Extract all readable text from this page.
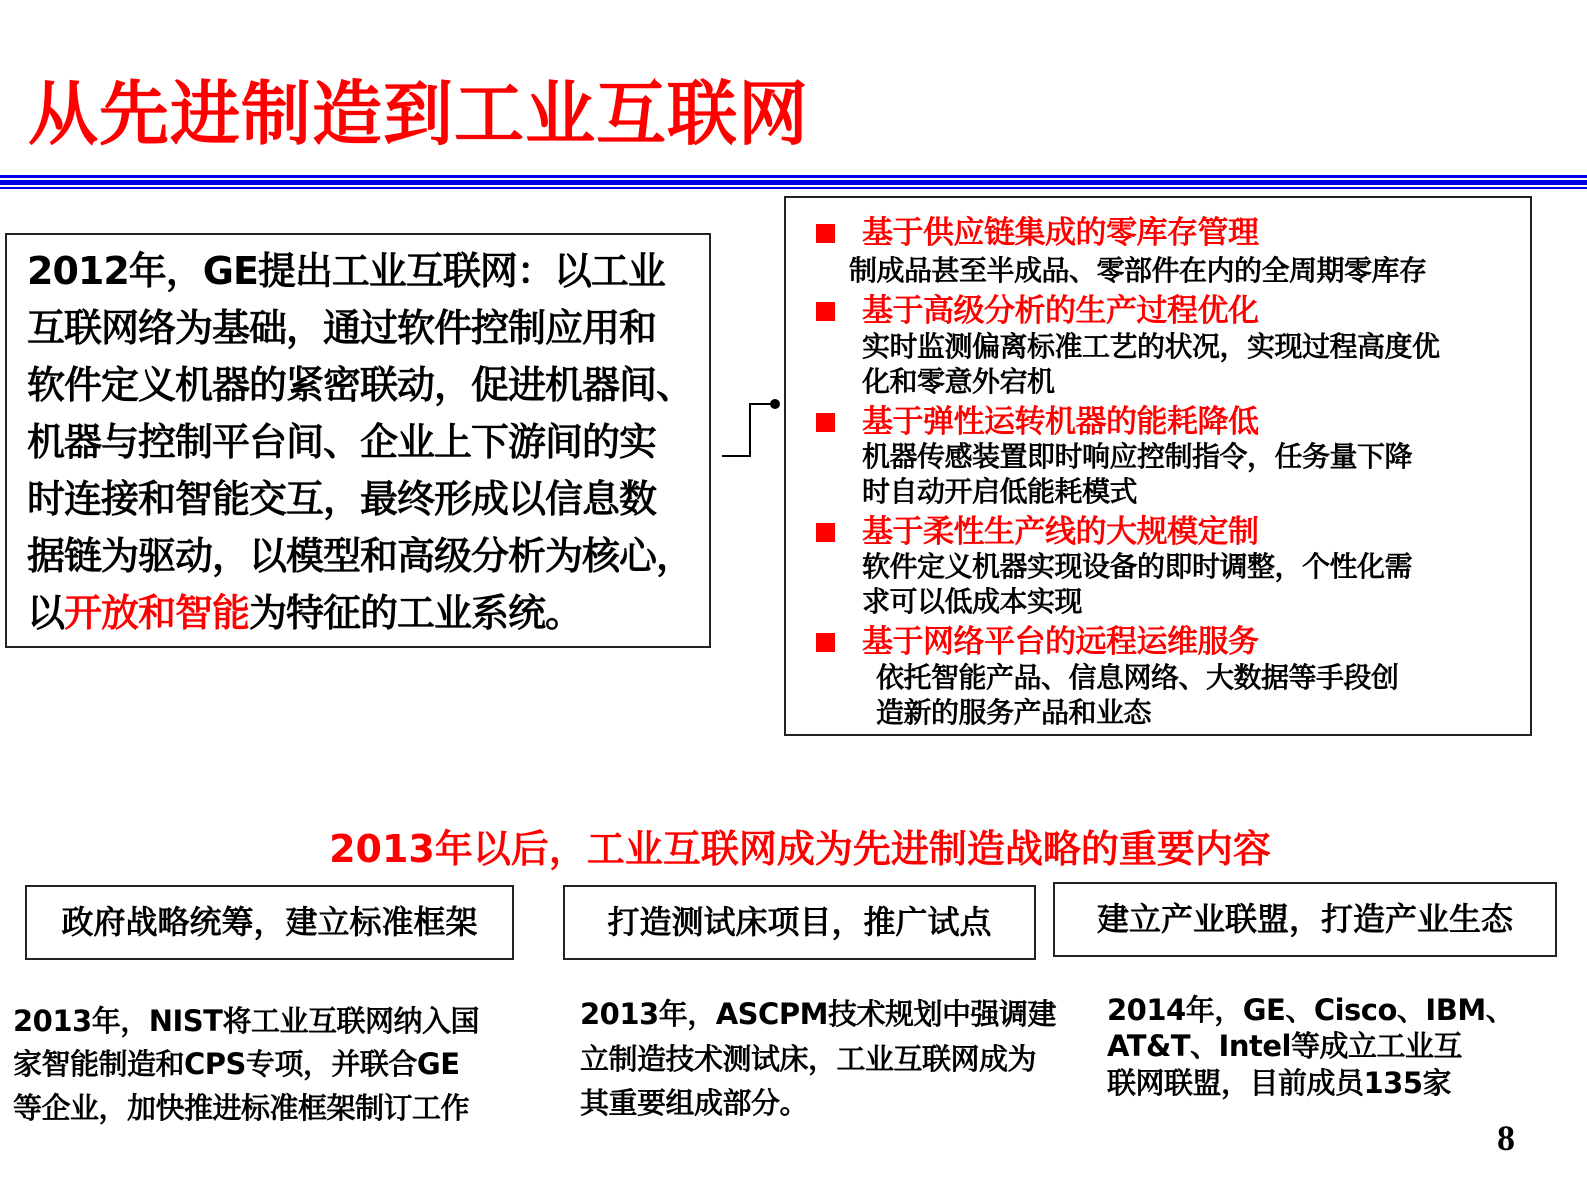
从先进制造到工业互联网
2012年，GE提出工业互联网：以工业
互联网络为基础，通过软件控制应用和
软件定义机器的紧密联动，促进机器间、
机器与控制平台间、企业上下游间的实
时连接和智能交互，最终形成以信息数
据链为驱动，以模型和高级分析为核心，
以开放和智能为特征的工业系统。
基于供应链集成的零库存管理
制成品甚至半成品、零部件在内的全周期零库存
基于高级分析的生产过程优化
实时监测偏离标准工艺的状况，实现过程高度优
化和零意外宕机
基于弹性运转机器的能耗降低
机器传感装置即时响应控制指令，任务量下降
时自动开启低能耗模式
基于柔性生产线的大规模定制
软件定义机器实现设备的即时调整，个性化需
求可以低成本实现
基于网络平台的远程运维服务
依托智能产品、信息网络、大数据等手段创
造新的服务产品和业态
2013年以后，工业互联网成为先进制造战略的重要内容
政府战略统筹，建立标准框架	打造测试床项目，推广试点	建立产业联盟，打造产业生态
2013年，NIST将工业互联网纳入国
家智能制造和CPS专项，并联合GE
等企业，加快推进标准框架制订工作
2013年，ASCPM技术规划中强调建
立制造技术测试床，工业互联网成为
其重要组成部分。
2014年，GE、Cisco、IBM、
AT&T、Intel等成立工业互
联网联盟，目前成员135家
8
